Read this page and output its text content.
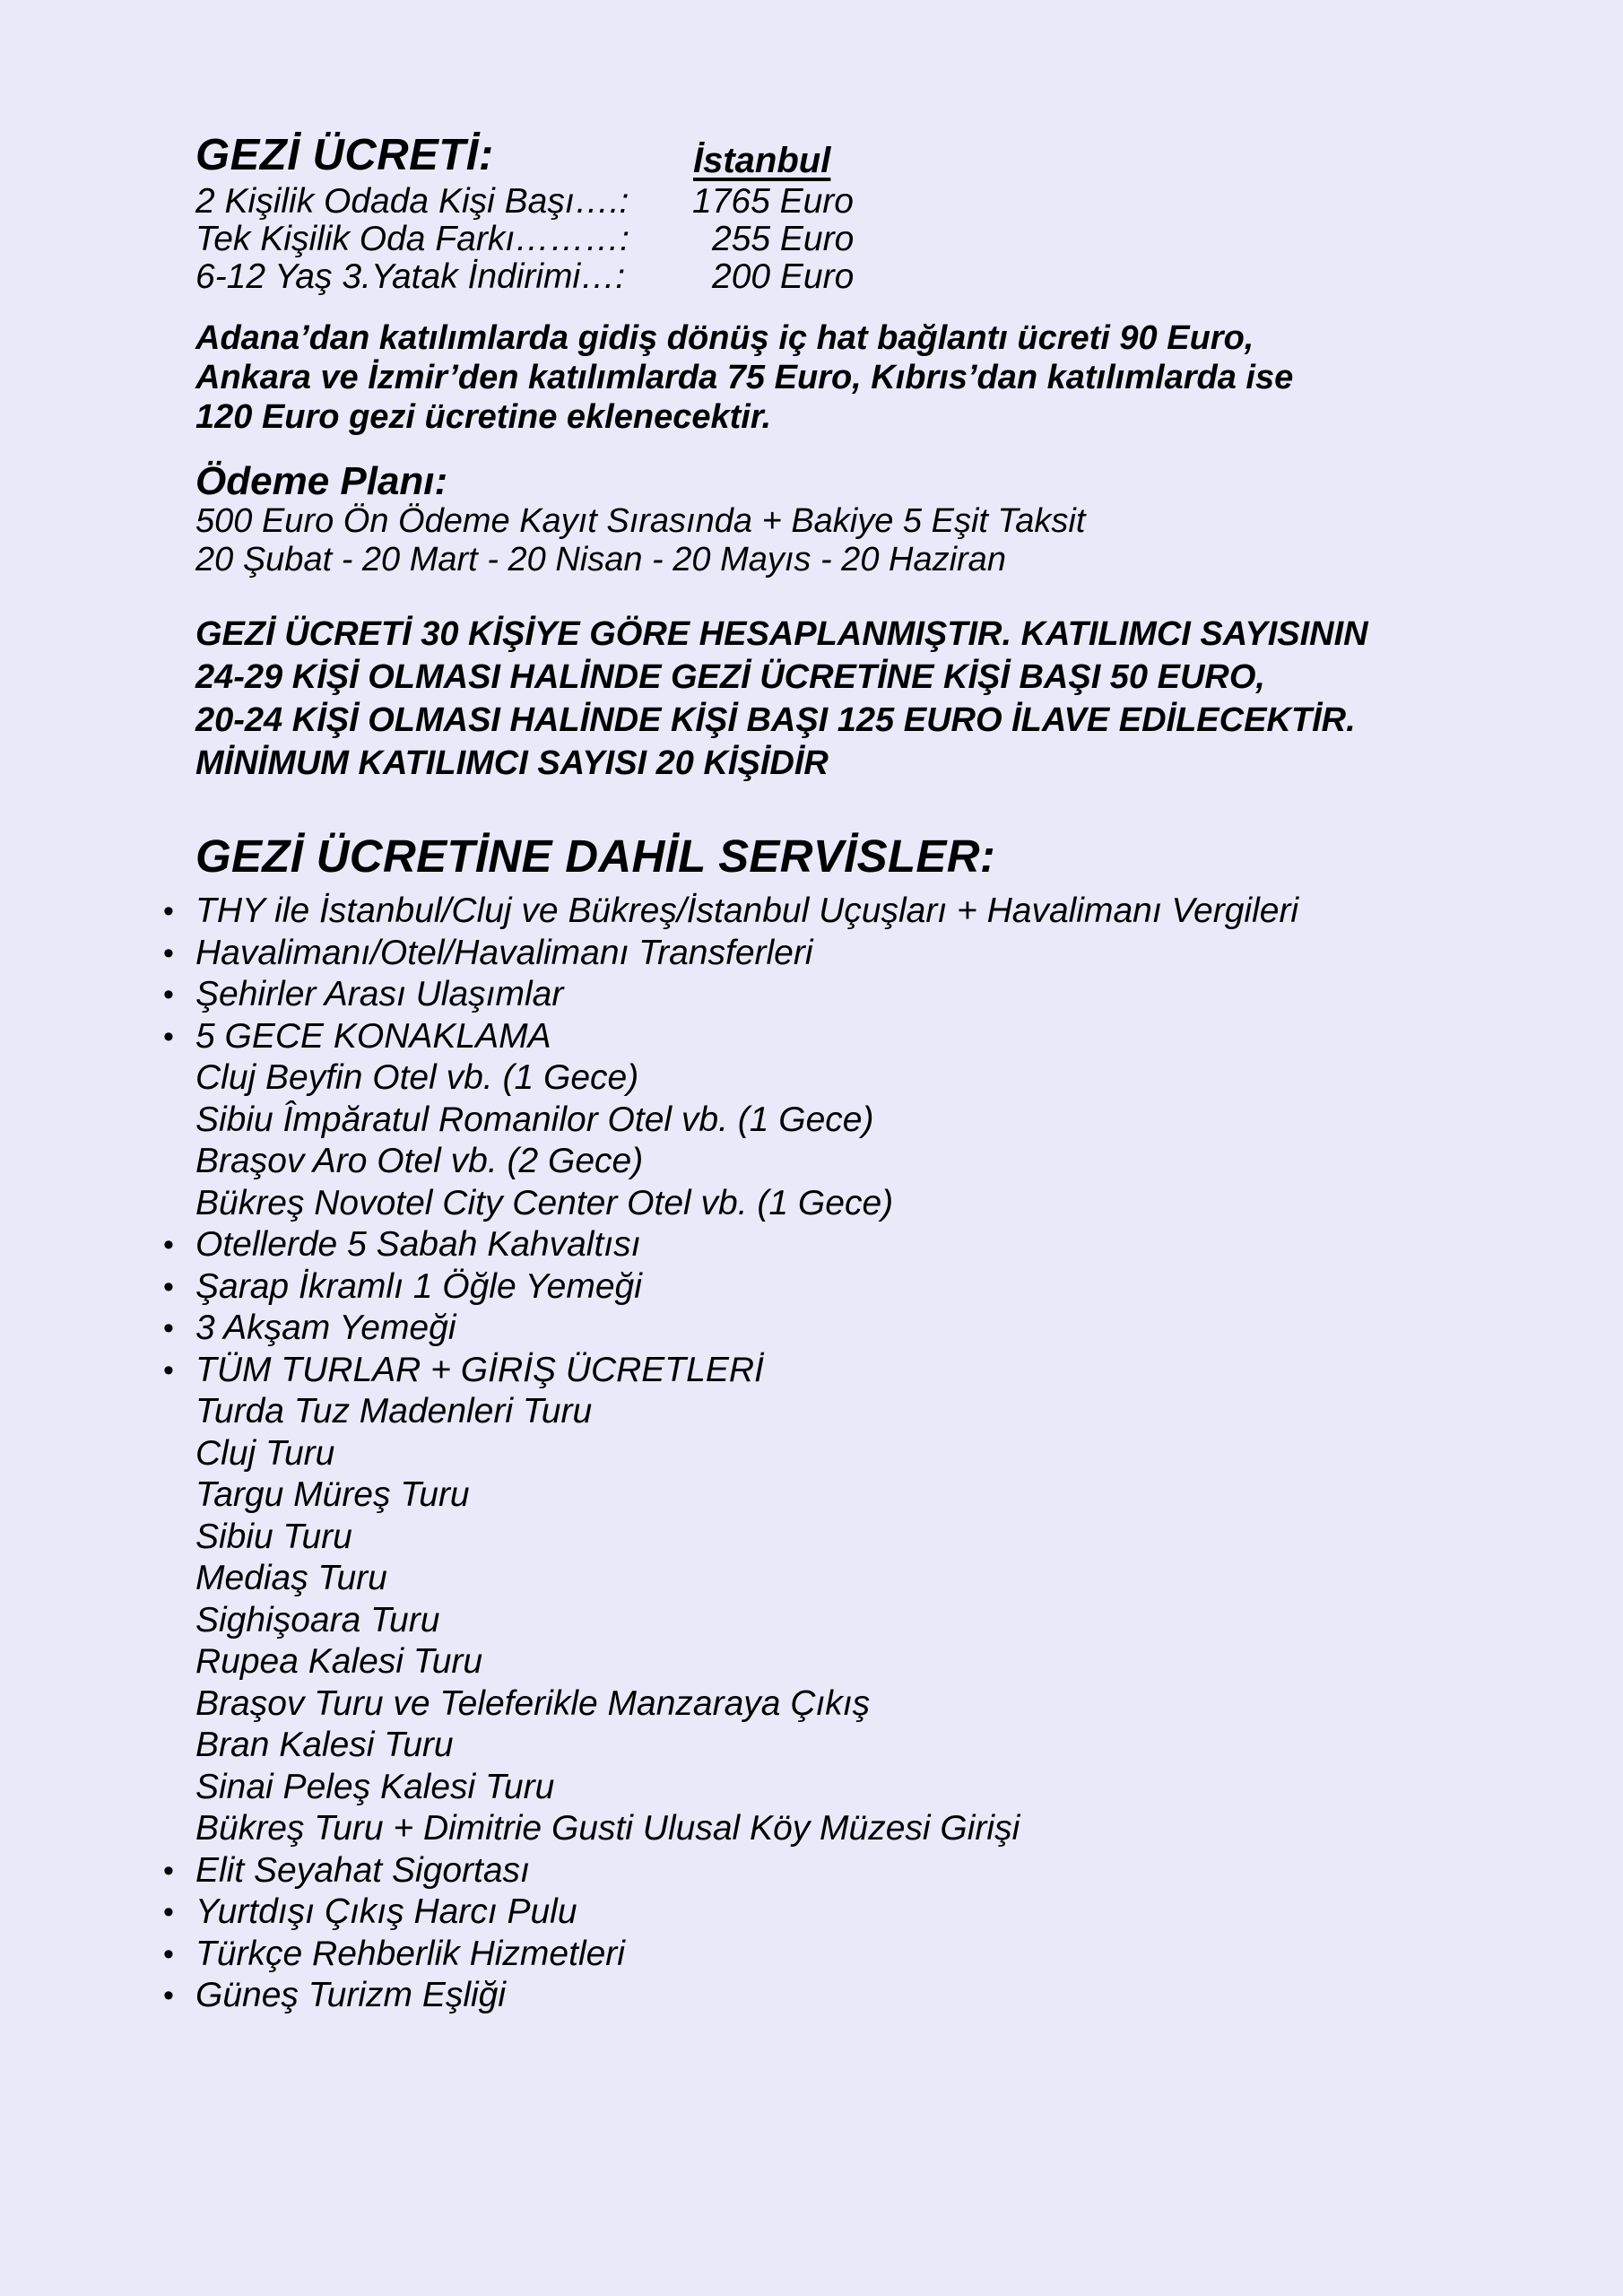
GEZİ ÜCRETİ:	İstanbul
2 Kişilik Odada Kişi Başı….: 1765 Euro
Tek Kişilik Oda Farkı………: 255 Euro
6-12 Yaş 3.Yatak İndirimi…: 200 Euro
Adana’dan katılımlarda gidiş dönüş iç hat bağlantı ücreti 90 Euro,
Ankara ve İzmir’den katılımlarda 75 Euro, Kıbrıs’dan katılımlarda ise
120 Euro gezi ücretine eklenecektir.
Ödeme Planı:
500 Euro Ön Ödeme Kayıt Sırasında + Bakiye 5 Eşit Taksit
20 Şubat - 20 Mart - 20 Nisan - 20 Mayıs - 20 Haziran
GEZİ ÜCRETİ 30 KİŞİYE GÖRE HESAPLANMIŞTIR. KATILIMCI SAYISININ
24-29 KİŞİ OLMASI HALİNDE GEZİ ÜCRETİNE KİŞİ BAŞI 50 EURO,
20-24 KİŞİ OLMASI HALİNDE KİŞİ BAŞI 125 EURO İLAVE EDİLECEKTİR.
MİNİMUM KATILIMCI SAYISI 20 KİŞİDİR
GEZİ ÜCRETİNE DAHİL SERVİSLER:
• THY ile İstanbul/Cluj ve Bükreş/İstanbul Uçuşları + Havalimanı Vergileri
• Havalimanı/Otel/Havalimanı Transferleri
• Şehirler Arası Ulaşımlar
• 5 GECE KONAKLAMA
Cluj Beyfin Otel vb. (1 Gece)
Sibiu Împăratul Romanilor Otel vb. (1 Gece)
Braşov Aro Otel vb. (2 Gece)
Bükreş Novotel City Center Otel vb. (1 Gece)
• Otellerde 5 Sabah Kahvaltısı
• Şarap İkramlı 1 Öğle Yemeği
• 3 Akşam Yemeği
• TÜM TURLAR + GİRİŞ ÜCRETLERİ
Turda Tuz Madenleri Turu
Cluj Turu
Targu Müreş Turu
Sibiu Turu
Mediaş Turu
Sighişoara Turu
Rupea Kalesi Turu
Braşov Turu ve Teleferikle Manzaraya Çıkış
Bran Kalesi Turu
Sinai Peleş Kalesi Turu
Bükreş Turu + Dimitrie Gusti Ulusal Köy Müzesi Girişi
• Elit Seyahat Sigortası
• Yurtdışı Çıkış Harcı Pulu
• Türkçe Rehberlik Hizmetleri
• Güneş Turizm Eşliği
